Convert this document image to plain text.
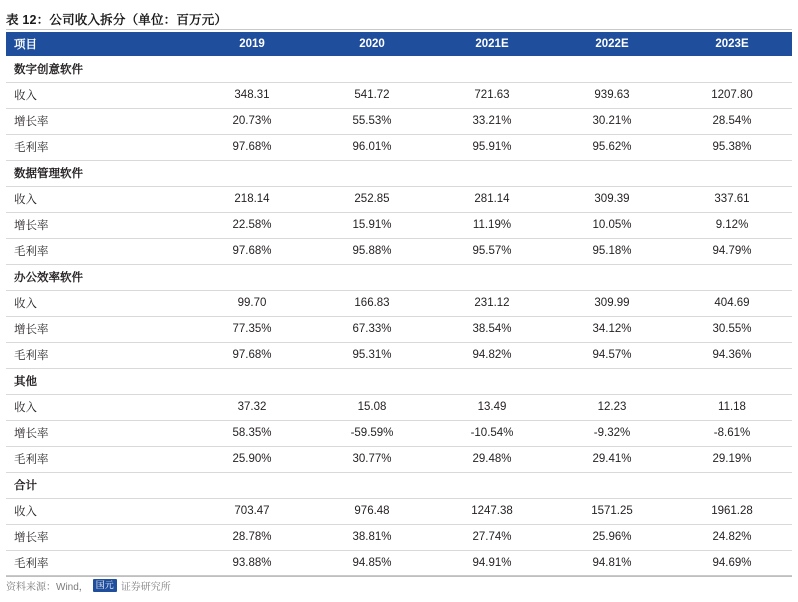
表 12：公司收入拆分（单位：百万元）
项目	2019	2020	2021E	2022E	2023E
数字创意软件					
收入	348.31	541.72	721.63	939.63	1207.80
增长率	20.73%	55.53%	33.21%	30.21%	28.54%
毛利率	97.68%	96.01%	95.91%	95.62%	95.38%
数据管理软件					
收入	218.14	252.85	281.14	309.39	337.61
增长率	22.58%	15.91%	11.19%	10.05%	9.12%
毛利率	97.68%	95.88%	95.57%	95.18%	94.79%
办公效率软件					
收入	99.70	166.83	231.12	309.99	404.69
增长率	77.35%	67.33%	38.54%	34.12%	30.55%
毛利率	97.68%	95.31%	94.82%	94.57%	94.36%
其他					
收入	37.32	15.08	13.49	12.23	11.18
增长率	58.35%	-59.59%	-10.54%	-9.32%	-8.61%
毛利率	25.90%	30.77%	29.48%	29.41%	29.19%
合计					
收入	703.47	976.48	1247.38	1571.25	1961.28
增长率	28.78%	38.81%	27.74%	25.96%	24.82%
毛利率	93.88%	94.85%	94.91%	94.81%	94.69%
资料来源：Wind， 国元 证券研究所
